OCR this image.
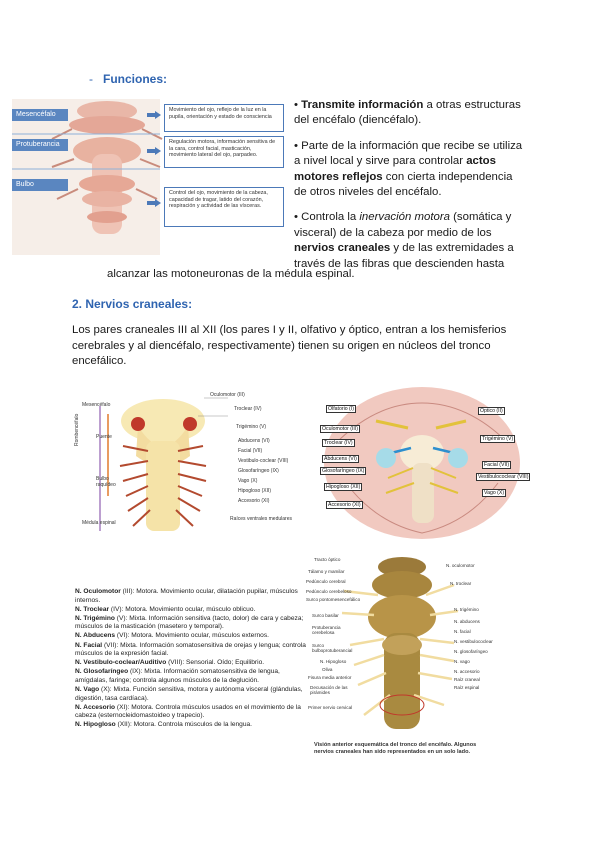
- Funciones:
Mesencéfalo
Protuberancia
Bulbo
Movimiento del ojo, reflejo de la luz en la pupila, orientación y estado de consciencia
Regulación motora, información sensitiva de la cara, control facial, masticación, movimiento lateral del ojo, parpadeo.
Control del ojo, movimiento de la cabeza, capacidad de tragar, latido del corazón, respiración y actividad de las vísceras.

• Transmite información a otras estructuras del encéfalo (diencéfalo).

• Parte de la información que recibe se utiliza a nivel local y sirve para controlar actos motores reflejos con cierta independencia de otros niveles del encéfalo.

• Controla la inervación motora (somática y visceral) de la cabeza por medio de los nervios craneales y de las extremidades a través de las fibras que descienden hasta

alcanzar las motoneuronas de la médula espinal.
2. Nervios craneales:
Los pares craneales III al XII (los pares I y II, olfativo y óptico, entran a los hemisferios cerebrales y al diencéfalo, respectivamente) tienen su origen en núcleos del tronco encefálico.
Mesencéfalo
Puente
Bulbo raquídeo
Médula espinal
Rombencéfalo
Oculomotor (III)
Troclear (IV)
Trigémino (V)
Abducens (VI)
Facial (VII)
Vestibulo-coclear (VIII)
Glosofaríngeo (IX)
Vago (X)
Hipogloso (XII)
Accesorio (XI)
Raíces ventrales medulares
Olfatorio (I)
Oculomotor (III)
Troclear (IV)
Abducens (VI)
Glosofaríngeo (IX)
Hipogloso (XII)
Accesorio (XI)
Óptico (II)
Trigémino (V)
Facial (VII)
Vestibulococlear (VIII)
Vago (X)

N. Oculomotor (III): Motora. Movimiento ocular, dilatación pupilar, músculos internos.

N. Troclear (IV): Motora. Movimiento ocular, músculo oblicuo.

N. Trigémino (V): Mixta. Información sensitiva (tacto, dolor) de cara y cabeza; músculos de la masticación (masetero y temporal).

N. Abducens (VI): Motora. Movimiento ocular, músculos externos.

N. Facial (VII): Mixta. Información somatosensitiva de orejas y lengua; controla músculos de la expresión facial.

N. Vestibulo-coclear/Auditivo (VIII): Sensorial. Oído; Equilibrio.

N. Glosofaríngeo (IX): Mixta. Información somatosensitiva de lengua, amígdalas, faringe; controla algunos músculos de la deglución.

N. Vago (X): Mixta. Función sensitiva, motora y autónoma visceral (glándulas, digestión, tasa cardíaca).

N. Accesorio (XI): Motora. Controla músculos usados en el movimiento de la cabeza (esternocleidomastoideo y trapecio).

N. Hipogloso (XII): Motora. Controla músculos de la lengua.

Tracto óptico
Tálamo y mamilar
Pedúnculo cerebral
Pedúnculo cerebeloso
Surco pontomesencefálico
Surco basilar
Protuberancia cerebelosa
Surco bulboprotuberancial
N. Hipogloso
Oliva
Fisura media anterior
Decusación de las pirámides
Primer nervio cervical
N. oculomotor
N. troclear
N. trigémino
N. abducens
N. facial
N. vestibulococlear
N. glosofaríngeo
N. vago
N. accesorio
Raíz craneal
Raíz espinal
Visión anterior esquemática del tronco del encéfalo. Algunos nervios craneales han sido representados en un solo lado.
